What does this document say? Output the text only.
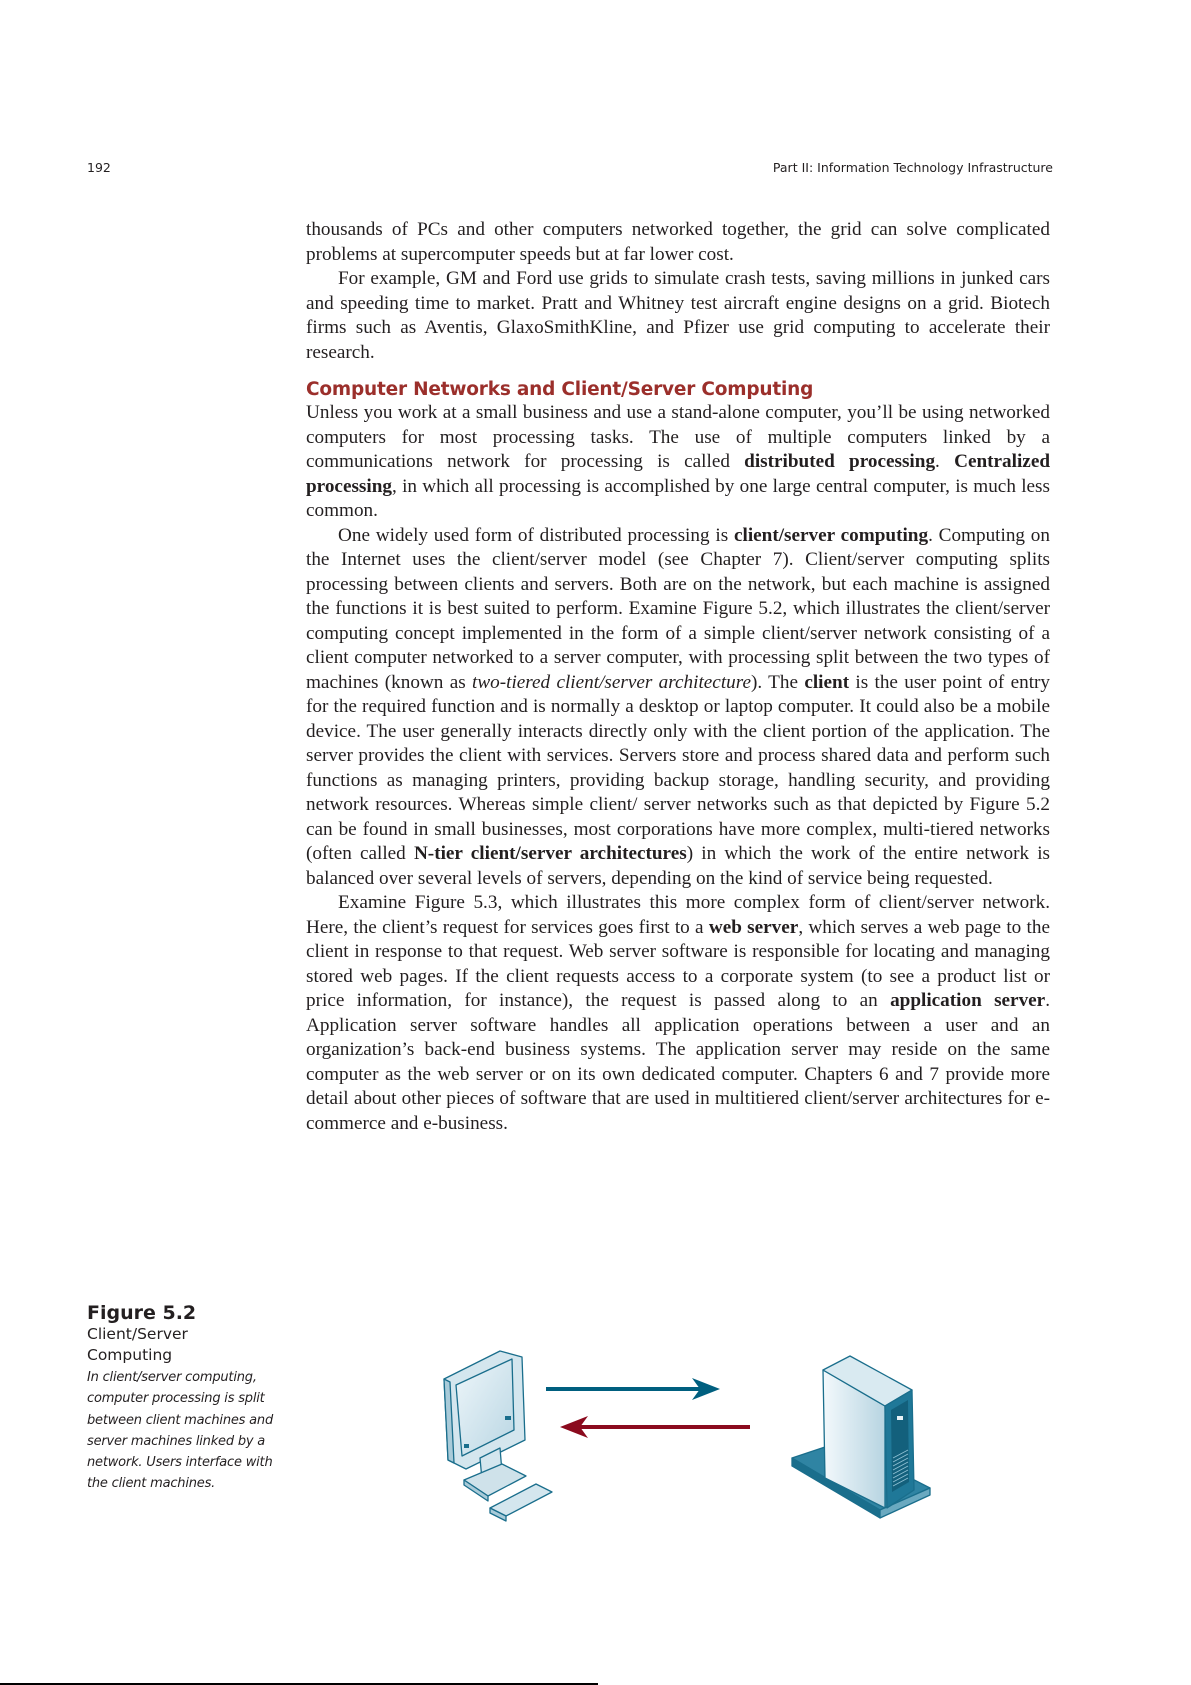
192	Part II: Information Technology Infrastructure

thousands of PCs and other computers networked together, the grid can solve complicated problems at supercomputer speeds but at far lower cost.

For example, GM and Ford use grids to simulate crash tests, saving millions in junked cars and speeding time to market. Pratt and Whitney test aircraft engine designs on a grid. Biotech firms such as Aventis, GlaxoSmithKline, and Pfizer use grid computing to accelerate their research.

Computer Networks and Client/Server Computing

Unless you work at a small business and use a stand-alone computer, you’ll be using networked computers for most processing tasks. The use of multiple computers linked by a communications network for processing is called distributed processing. Centralized processing, in which all processing is accomplished by one large central computer, is much less common.

One widely used form of distributed processing is client/server computing. Computing on the Internet uses the client/server model (see Chapter 7). Client/server computing splits processing between clients and servers. Both are on the network, but each machine is assigned the functions it is best suited to perform. Examine Figure 5.2, which illustrates the client/server computing concept implemented in the form of a simple client/server network consisting of a client computer networked to a server computer, with processing split between the two types of machines (known as two-tiered client/server architecture). The client is the user point of entry for the required function and is normally a desktop or laptop computer. It could also be a mobile device. The user generally interacts directly only with the client portion of the application. The server provides the client with services. Servers store and process shared data and perform such functions as managing printers, providing backup storage, handling security, and providing network resources. Whereas simple client/ server networks such as that depicted by Figure 5.2 can be found in small businesses, most corporations have more complex, multi-tiered networks (often called N-tier client/server architectures) in which the work of the entire network is balanced over several levels of servers, depending on the kind of service being requested.

Examine Figure 5.3, which illustrates this more complex form of client/server network. Here, the client’s request for services goes first to a web server, which serves a web page to the client in response to that request. Web server software is responsible for locating and managing stored web pages. If the client requests access to a corporate system (to see a product list or price information, for instance), the request is passed along to an application server. Application server software handles all application operations between a user and an organization’s back-end business systems. The application server may reside on the same computer as the web server or on its own dedicated computer. Chapters 6 and 7 provide more detail about other pieces of software that are used in multitiered client/server architectures for e-commerce and e-business.

Figure 5.2
Client/Server
Computing
In client/server computing, computer processing is split between client machines and server machines linked by a network. Users interface with the client machines.
